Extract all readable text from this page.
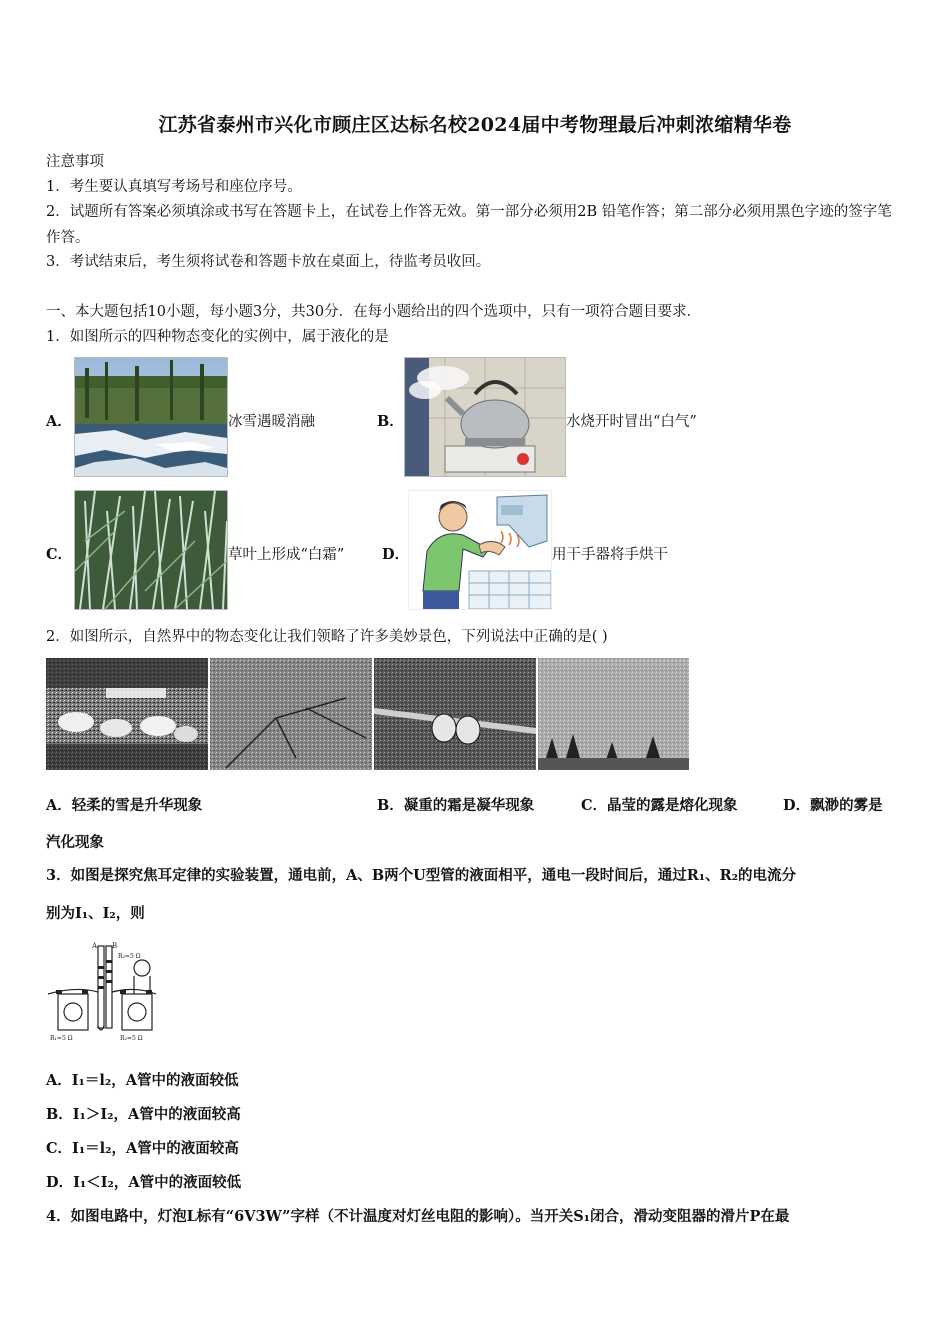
江苏省泰州市兴化市顾庄区达标名校2024届中考物理最后冲刺浓缩精华卷
注意事项
1．考生要认真填写考场号和座位序号。
2．试题所有答案必须填涂或书写在答题卡上，在试卷上作答无效。第一部分必须用2B 铅笔作答；第二部分必须用黑色字迹的签字笔作答。
3．考试结束后，考生须将试卷和答题卡放在桌面上，待监考员收回。
一、本大题包括10小题，每小题3分，共30分．在每小题给出的四个选项中，只有一项符合题目要求．
1．如图所示的四种物态变化的实例中，属于液化的是
A．	冰雪遇暖消融	B．	水烧开时冒出“白气”
C．	草叶上形成“白霜”	D．	用干手器将手烘干
2．如图所示，自然界中的物态变化让我们领略了许多美妙景色，下列说法中正确的是( )
A．轻柔的雪是升华现象	B．凝重的霜是凝华现象	C．晶莹的露是熔化现象	D．飘渺的雾是
汽化现象
3．如图是探究焦耳定律的实验装置，通电前，A、B两个U型管的液面相平，通电一段时间后，通过R₁、R₂的电流分
别为I₁、I₂，则
A B
R₃=5 Ω
R₁=5 Ω	R₂=5 Ω
A．I₁＝l₂，A管中的液面较低
B．I₁＞I₂，A管中的液面较高
C．I₁＝l₂，A管中的液面较高
D．I₁＜I₂，A管中的液面较低
4．如图电路中，灯泡L标有“6V3W”字样（不计温度对灯丝电阻的影响）。当开关S₁闭合，滑动变阻器的滑片P在最
